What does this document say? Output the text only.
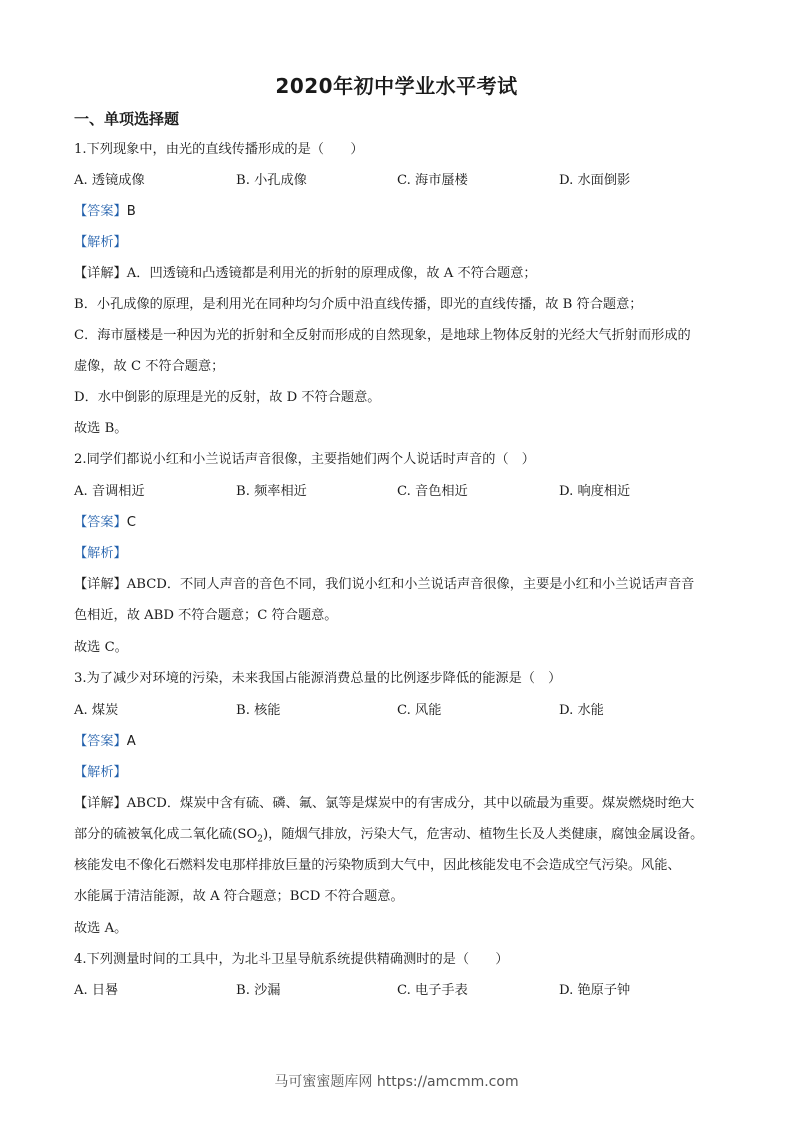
2020年初中学业水平考试
一、单项选择题
1.下列现象中，由光的直线传播形成的是（　　）
A. 透镜成像	B. 小孔成像	C. 海市蜃楼	D. 水面倒影
【答案】B
【解析】
【详解】A．凹透镜和凸透镜都是利用光的折射的原理成像，故 A 不符合题意；
B．小孔成像的原理，是利用光在同种均匀介质中沿直线传播，即光的直线传播，故 B 符合题意；
C．海市蜃楼是一种因为光的折射和全反射而形成的自然现象，是地球上物体反射的光经大气折射而形成的
虚像，故 C 不符合题意；
D．水中倒影的原理是光的反射，故 D 不符合题意。
故选 B。
2.同学们都说小红和小兰说话声音很像，主要指她们两个人说话时声音的（　）
A. 音调相近	B. 频率相近	C. 音色相近	D. 响度相近
【答案】C
【解析】
【详解】ABCD．不同人声音的音色不同，我们说小红和小兰说话声音很像，主要是小红和小兰说话声音音
色相近，故 ABD 不符合题意；C 符合题意。
故选 C。
3.为了减少对环境的污染，未来我国占能源消费总量的比例逐步降低的能源是（　）
A. 煤炭	B. 核能	C. 风能	D. 水能
【答案】A
【解析】
【详解】ABCD．煤炭中含有硫、磷、氟、氯等是煤炭中的有害成分，其中以硫最为重要。煤炭燃烧时绝大
部分的硫被氧化成二氧化硫$(SO_2)$，随烟气排放，污染大气，危害动、植物生长及人类健康，腐蚀金属设备。
核能发电不像化石燃料发电那样排放巨量的污染物质到大气中，因此核能发电不会造成空气污染。风能、
水能属于清洁能源，故 A 符合题意；BCD 不符合题意。
故选 A。
4.下列测量时间的工具中，为北斗卫星导航系统提供精确测时的是（　　）
A. 日晷	B. 沙漏	C. 电子手表	D. 铯原子钟
马可蜜蜜题库网 https://amcmm.com
